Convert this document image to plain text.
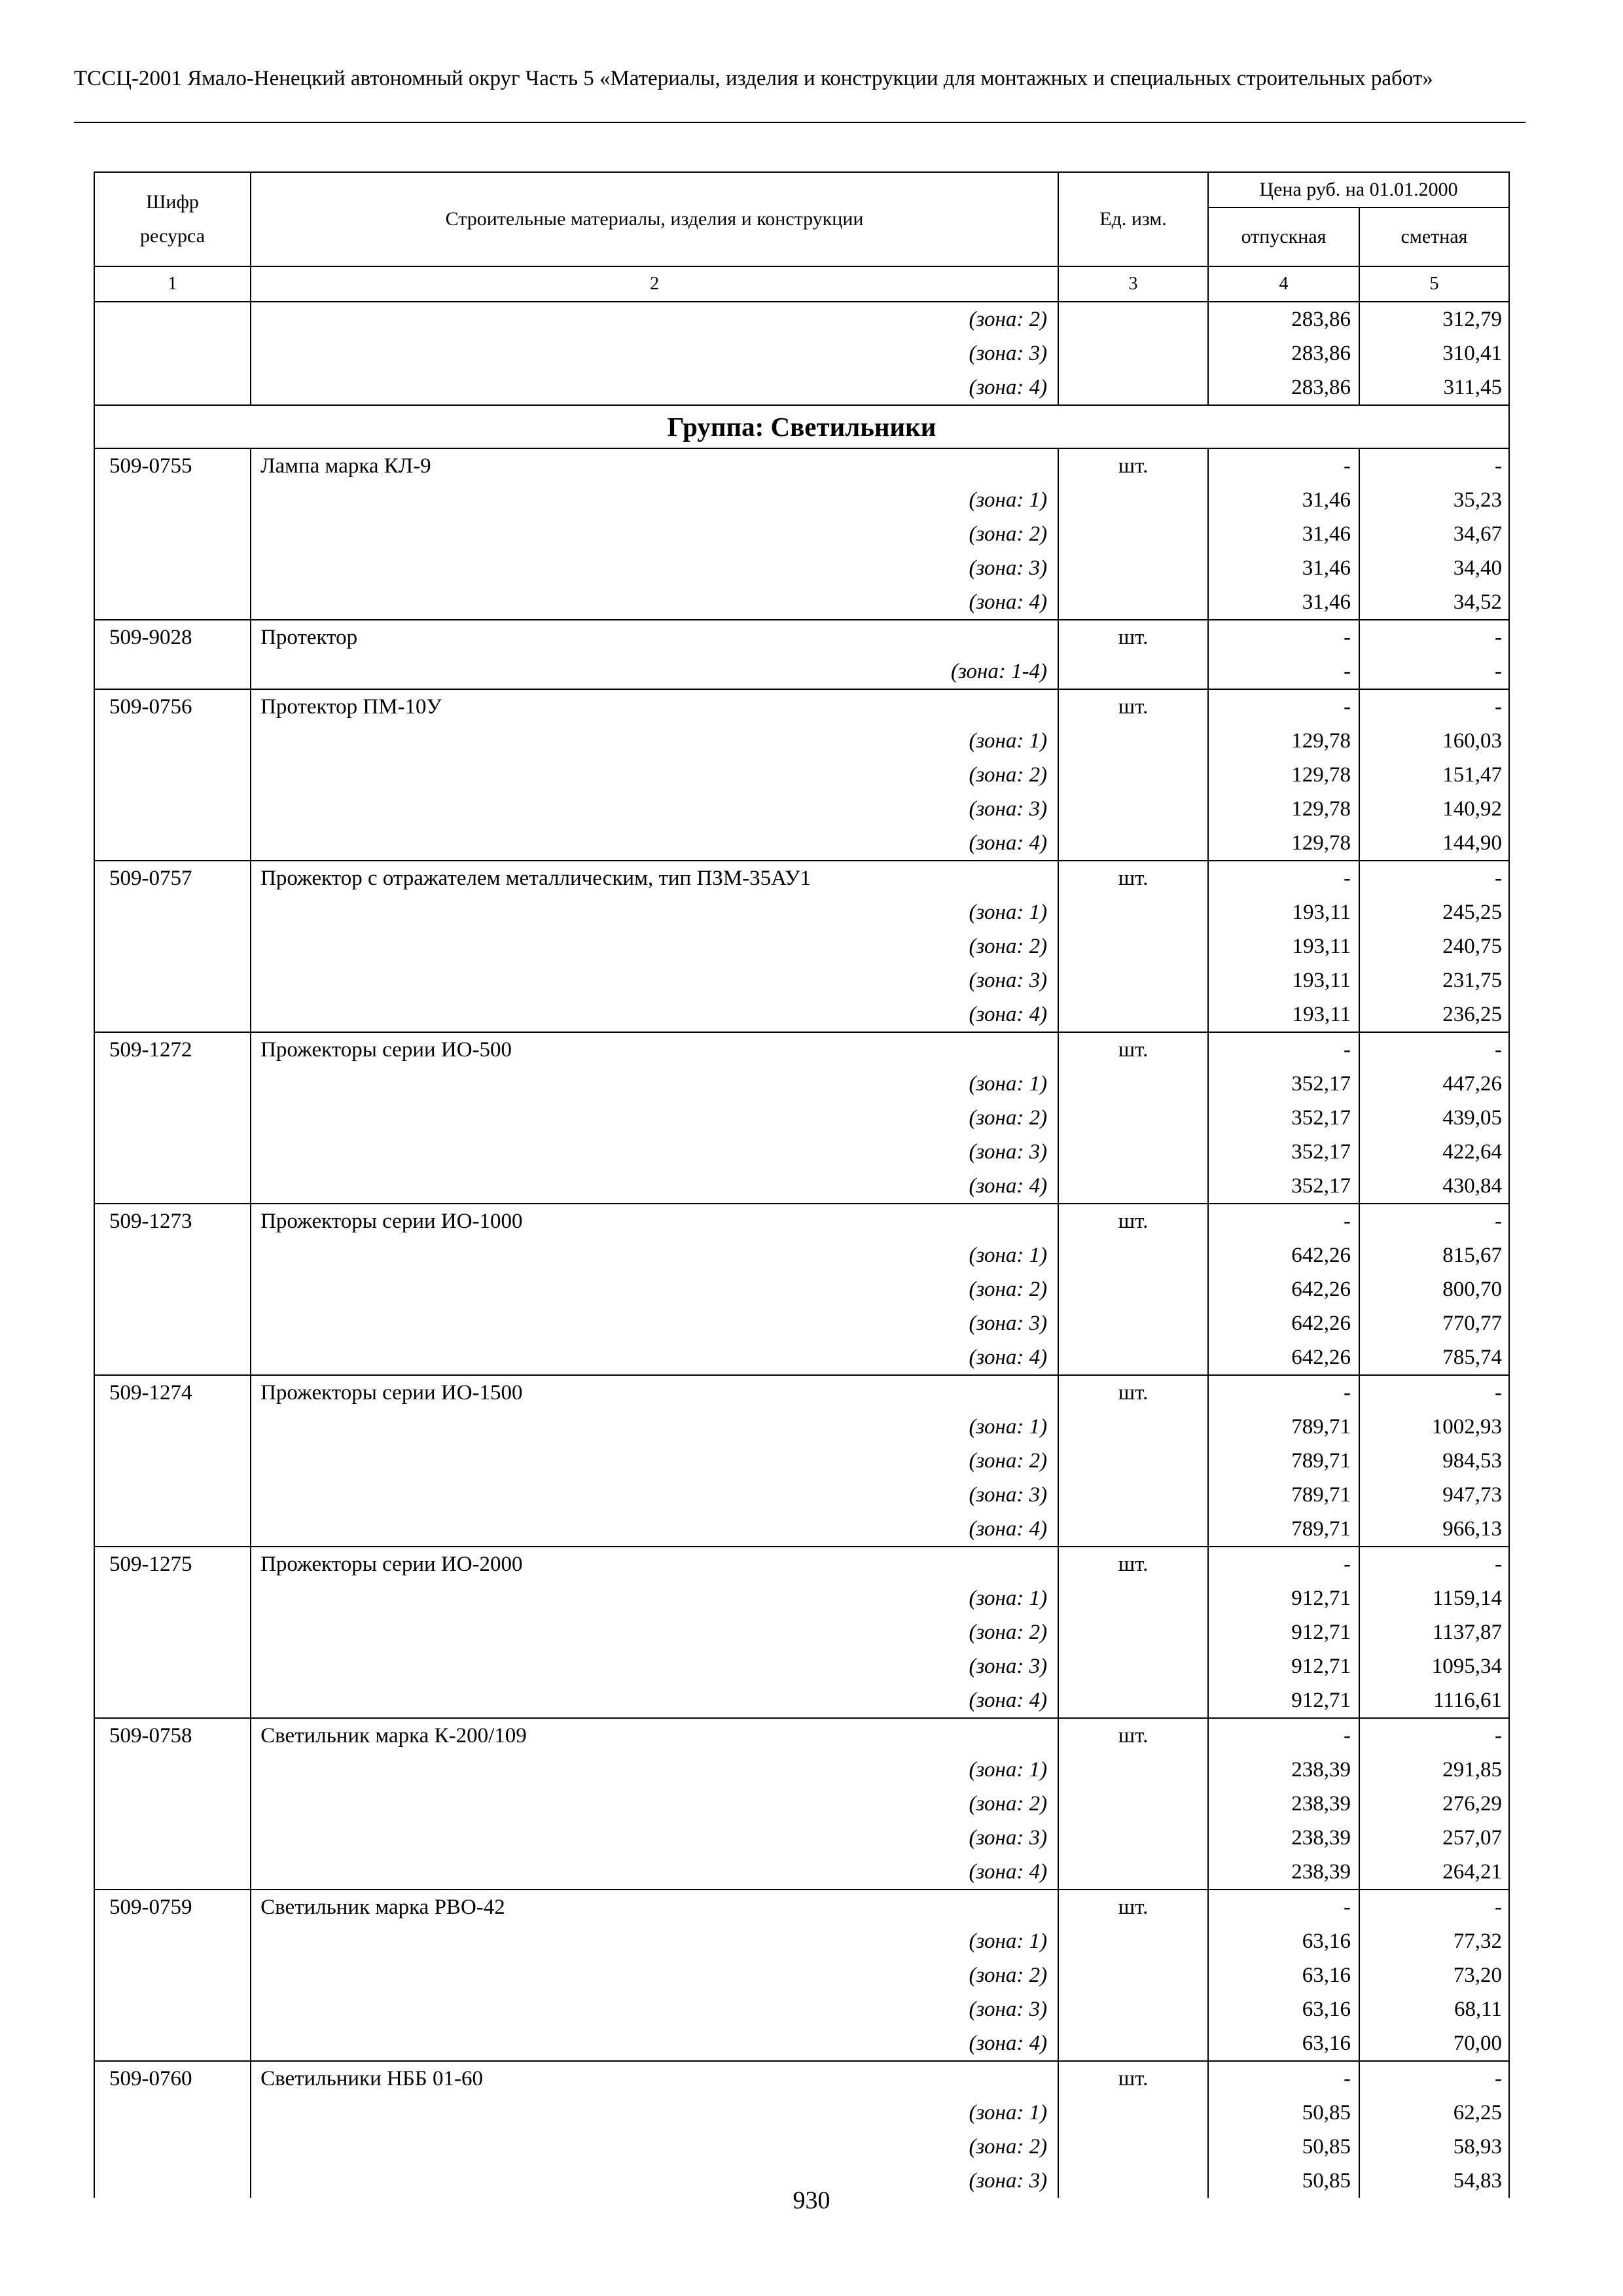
ТССЦ-2001 Ямало-Ненецкий автономный округ Часть 5 «Материалы, изделия и конструкции для монтажных и специальных строительных работ»
Шифр ресурса	Строительные материалы, изделия и конструкции	Ед. изм.	Цена руб. на 01.01.2000	
			отпускная	сметная
1	2	3	4	5
	(зона: 2)		283,86	312,79
	(зона: 3)		283,86	310,41
	(зона: 4)		283,86	311,45
Группа: Светильники				
509-0755	Лампа марка КЛ-9	шт.	-	-
	(зона: 1)		31,46	35,23
	(зона: 2)		31,46	34,67
	(зона: 3)		31,46	34,40
	(зона: 4)		31,46	34,52
509-9028	Протектор	шт.	-	-
	(зона: 1-4)		-	-
509-0756	Протектор ПМ-10У	шт.	-	-
	(зона: 1)		129,78	160,03
	(зона: 2)		129,78	151,47
	(зона: 3)		129,78	140,92
	(зона: 4)		129,78	144,90
509-0757	Прожектор с отражателем металлическим, тип ПЗМ-35АУ1	шт.	-	-
	(зона: 1)		193,11	245,25
	(зона: 2)		193,11	240,75
	(зона: 3)		193,11	231,75
	(зона: 4)		193,11	236,25
509-1272	Прожекторы серии ИО-500	шт.	-	-
	(зона: 1)		352,17	447,26
	(зона: 2)		352,17	439,05
	(зона: 3)		352,17	422,64
	(зона: 4)		352,17	430,84
509-1273	Прожекторы серии ИО-1000	шт.	-	-
	(зона: 1)		642,26	815,67
	(зона: 2)		642,26	800,70
	(зона: 3)		642,26	770,77
	(зона: 4)		642,26	785,74
509-1274	Прожекторы серии ИО-1500	шт.	-	-
	(зона: 1)		789,71	1002,93
	(зона: 2)		789,71	984,53
	(зона: 3)		789,71	947,73
	(зона: 4)		789,71	966,13
509-1275	Прожекторы серии ИО-2000	шт.	-	-
	(зона: 1)		912,71	1159,14
	(зона: 2)		912,71	1137,87
	(зона: 3)		912,71	1095,34
	(зона: 4)		912,71	1116,61
509-0758	Светильник марка К-200/109	шт.	-	-
	(зона: 1)		238,39	291,85
	(зона: 2)		238,39	276,29
	(зона: 3)		238,39	257,07
	(зона: 4)		238,39	264,21
509-0759	Светильник марка РВО-42	шт.	-	-
	(зона: 1)		63,16	77,32
	(зона: 2)		63,16	73,20
	(зона: 3)		63,16	68,11
	(зона: 4)		63,16	70,00
509-0760	Светильники НББ 01-60	шт.	-	-
	(зона: 1)		50,85	62,25
	(зона: 2)		50,85	58,93
	(зона: 3)		50,85	54,83
930
